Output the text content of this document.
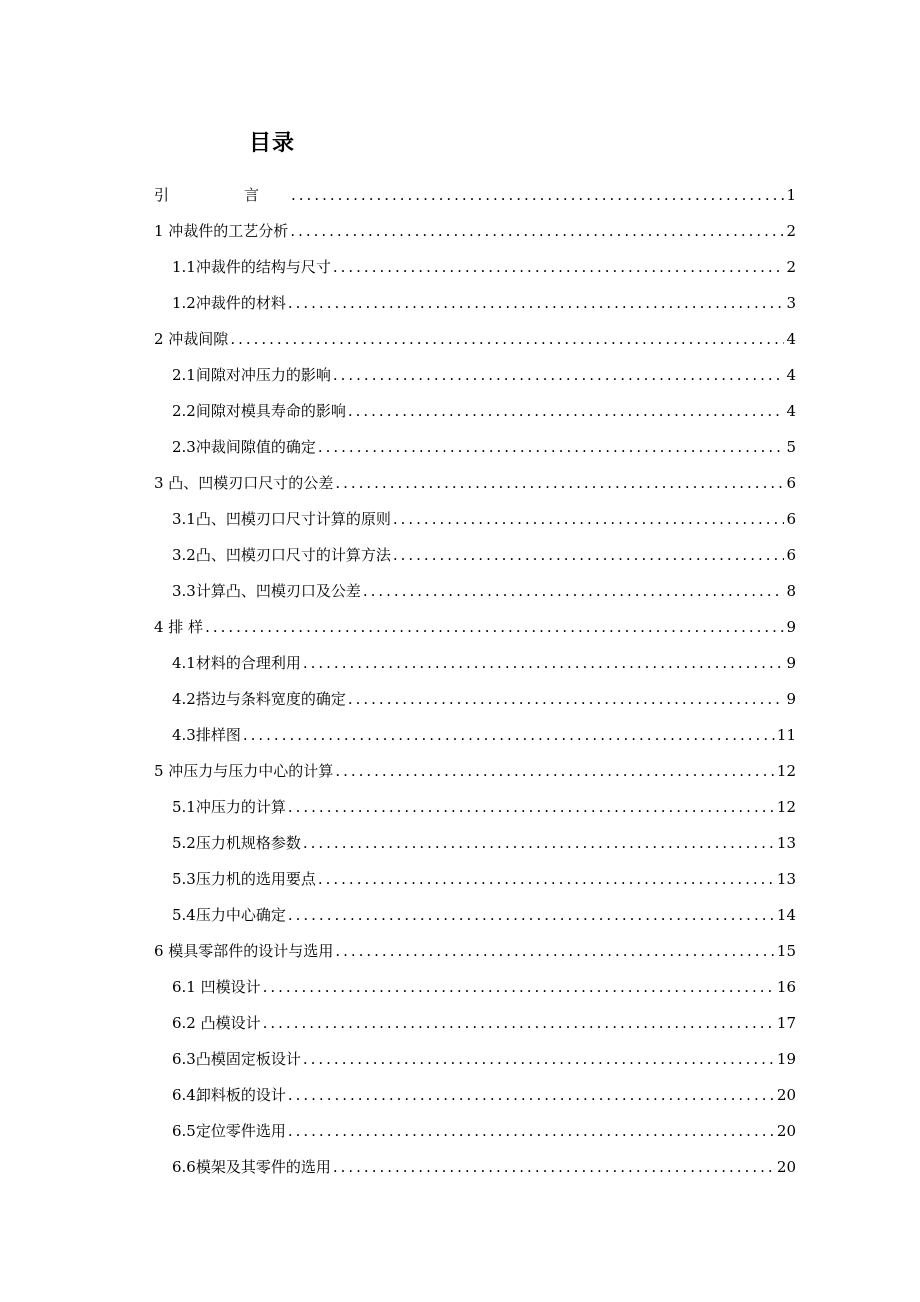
目录
引　言 .....	1
1 冲裁件的工艺分析 .....	2
1.1冲裁件的结构与尺寸 .....	2
1.2冲裁件的材料 .....	3
2 冲裁间隙 .....	4
2.1间隙对冲压力的影响 .....	4
2.2间隙对模具寿命的影响 .....	4
2.3冲裁间隙值的确定 .....	5
3 凸、凹模刃口尺寸的公差 .....	6
3.1凸、凹模刃口尺寸计算的原则 .....	6
3.2凸、凹模刃口尺寸的计算方法 .....	6
3.3计算凸、凹模刃口及公差 .....	8
4 排 样 .....	9
4.1材料的合理利用 .....	9
4.2搭边与条料宽度的确定 .....	9
4.3排样图 .....	11
5 冲压力与压力中心的计算 .....	12
5.1冲压力的计算 .....	12
5.2压力机规格参数 .....	13
5.3压力机的选用要点 .....	13
5.4压力中心确定 .....	14
6 模具零部件的设计与选用 .....	15
6.1 凹模设计 .....	16
6.2 凸模设计 .....	17
6.3凸模固定板设计 .....	19
6.4卸料板的设计 .....	20
6.5定位零件选用 .....	20
6.6模架及其零件的选用 .....	20
